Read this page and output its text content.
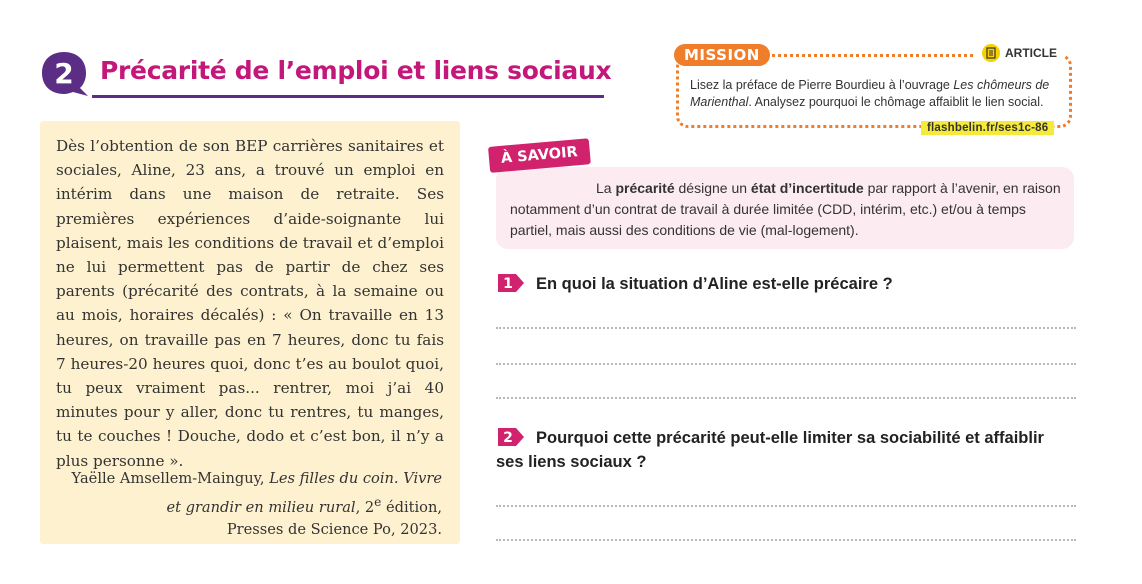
2 Précarité de l’emploi et liens sociaux
MISSION	ARTICLE

Lisez la préface de Pierre Bourdieu à l’ouvrage Les chômeurs de Marienthal. Analysez pourquoi le chômage affaiblit le lien social.

flashbelin.fr/ses1c-86

Dès l’obtention de son BEP carrières sanitaires et sociales, Aline, 23 ans, a trouvé un emploi en intérim dans une maison de retraite. Ses premières expériences d’aide-soignante lui plaisent, mais les conditions de travail et d’emploi ne lui permettent pas de partir de chez ses parents (précarité des contrats, à la semaine ou au mois, horaires décalés) : « On travaille en 13 heures, on travaille pas en 7 heures, donc tu fais 7 heures-20 heures quoi, donc t’es au boulot quoi, tu peux vraiment pas... rentrer, moi j’ai 40 minutes pour y aller, donc tu rentres, tu manges, tu te couches ! Douche, dodo et c’est bon, il n’y a plus personne ».

Yaëlle Amsellem-Mainguy, Les filles du coin. Vivre et grandir en milieu rural, 2e édition,
Presses de Science Po, 2023.

À SAVOIR

La précarité désigne un état d’incertitude par rapport à l’avenir, en raison notamment d’un contrat de travail à durée limitée (CDD, intérim, etc.) et/ou à temps partiel, mais aussi des conditions de vie (mal-logement).

1 En quoi la situation d’Aline est-elle précaire ?
2	Pourquoi cette précarité peut-elle limiter sa sociabilité et affaiblir ses liens sociaux ?
